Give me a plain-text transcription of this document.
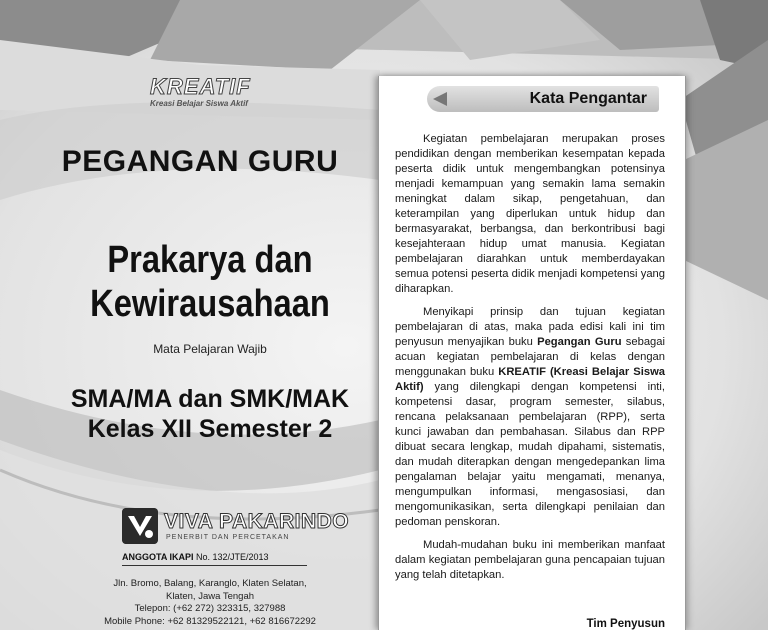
KREATIF
Kreasi Belajar Siswa Aktif
PEGANGAN GURU
Prakarya dan
Kewirausahaan
Mata Pelajaran Wajib
SMA/MA dan SMK/MAK
Kelas XII Semester 2
VIVA PAKARINDO
PENERBIT DAN PERCETAKAN
ANGGOTA IKAPI No. 132/JTE/2013
Jln. Bromo, Balang, Karanglo, Klaten Selatan,
Klaten, Jawa Tengah
Telepon: (+62 272) 323315, 327988
Mobile Phone: +62 81329522121, +62 816672292
Kata Pengantar

Kegiatan pembelajaran merupakan proses pendidikan dengan memberikan kesempatan kepada peserta didik untuk mengembangkan potensinya menjadi kemampuan yang semakin lama semakin meningkat dalam sikap, pengetahuan, dan keterampilan yang diperlukan untuk hidup dan bermasyarakat, berbangsa, dan berkontribusi bagi kesejahteraan hidup umat manusia. Kegiatan pembelajaran diarahkan untuk memberdayakan semua potensi peserta didik menjadi kompetensi yang diharapkan.

Menyikapi prinsip dan tujuan kegiatan pembelajaran di atas, maka pada edisi kali ini tim penyusun menyajikan buku Pegangan Guru sebagai acuan kegiatan pembelajaran di kelas dengan menggunakan buku KREATIF (Kreasi Belajar Siswa Aktif) yang dilengkapi dengan kompetensi inti, kompetensi dasar, program semester, silabus, rencana pelaksanaan pembelajaran (RPP), serta kunci jawaban dan pembahasan. Silabus dan RPP dibuat secara lengkap, mudah dipahami, sistematis, dan mudah diterapkan dengan mengedepankan lima pengalaman belajar yaitu mengamati, menanya, mengumpulkan informasi, mengasosiasi, dan mengomunikasikan, serta dilengkapi penilaian dan pedoman penskoran.

Mudah-mudahan buku ini memberikan manfaat dalam kegiatan pembelajaran guna pencapaian tujuan yang telah ditetapkan.

Tim Penyusun
